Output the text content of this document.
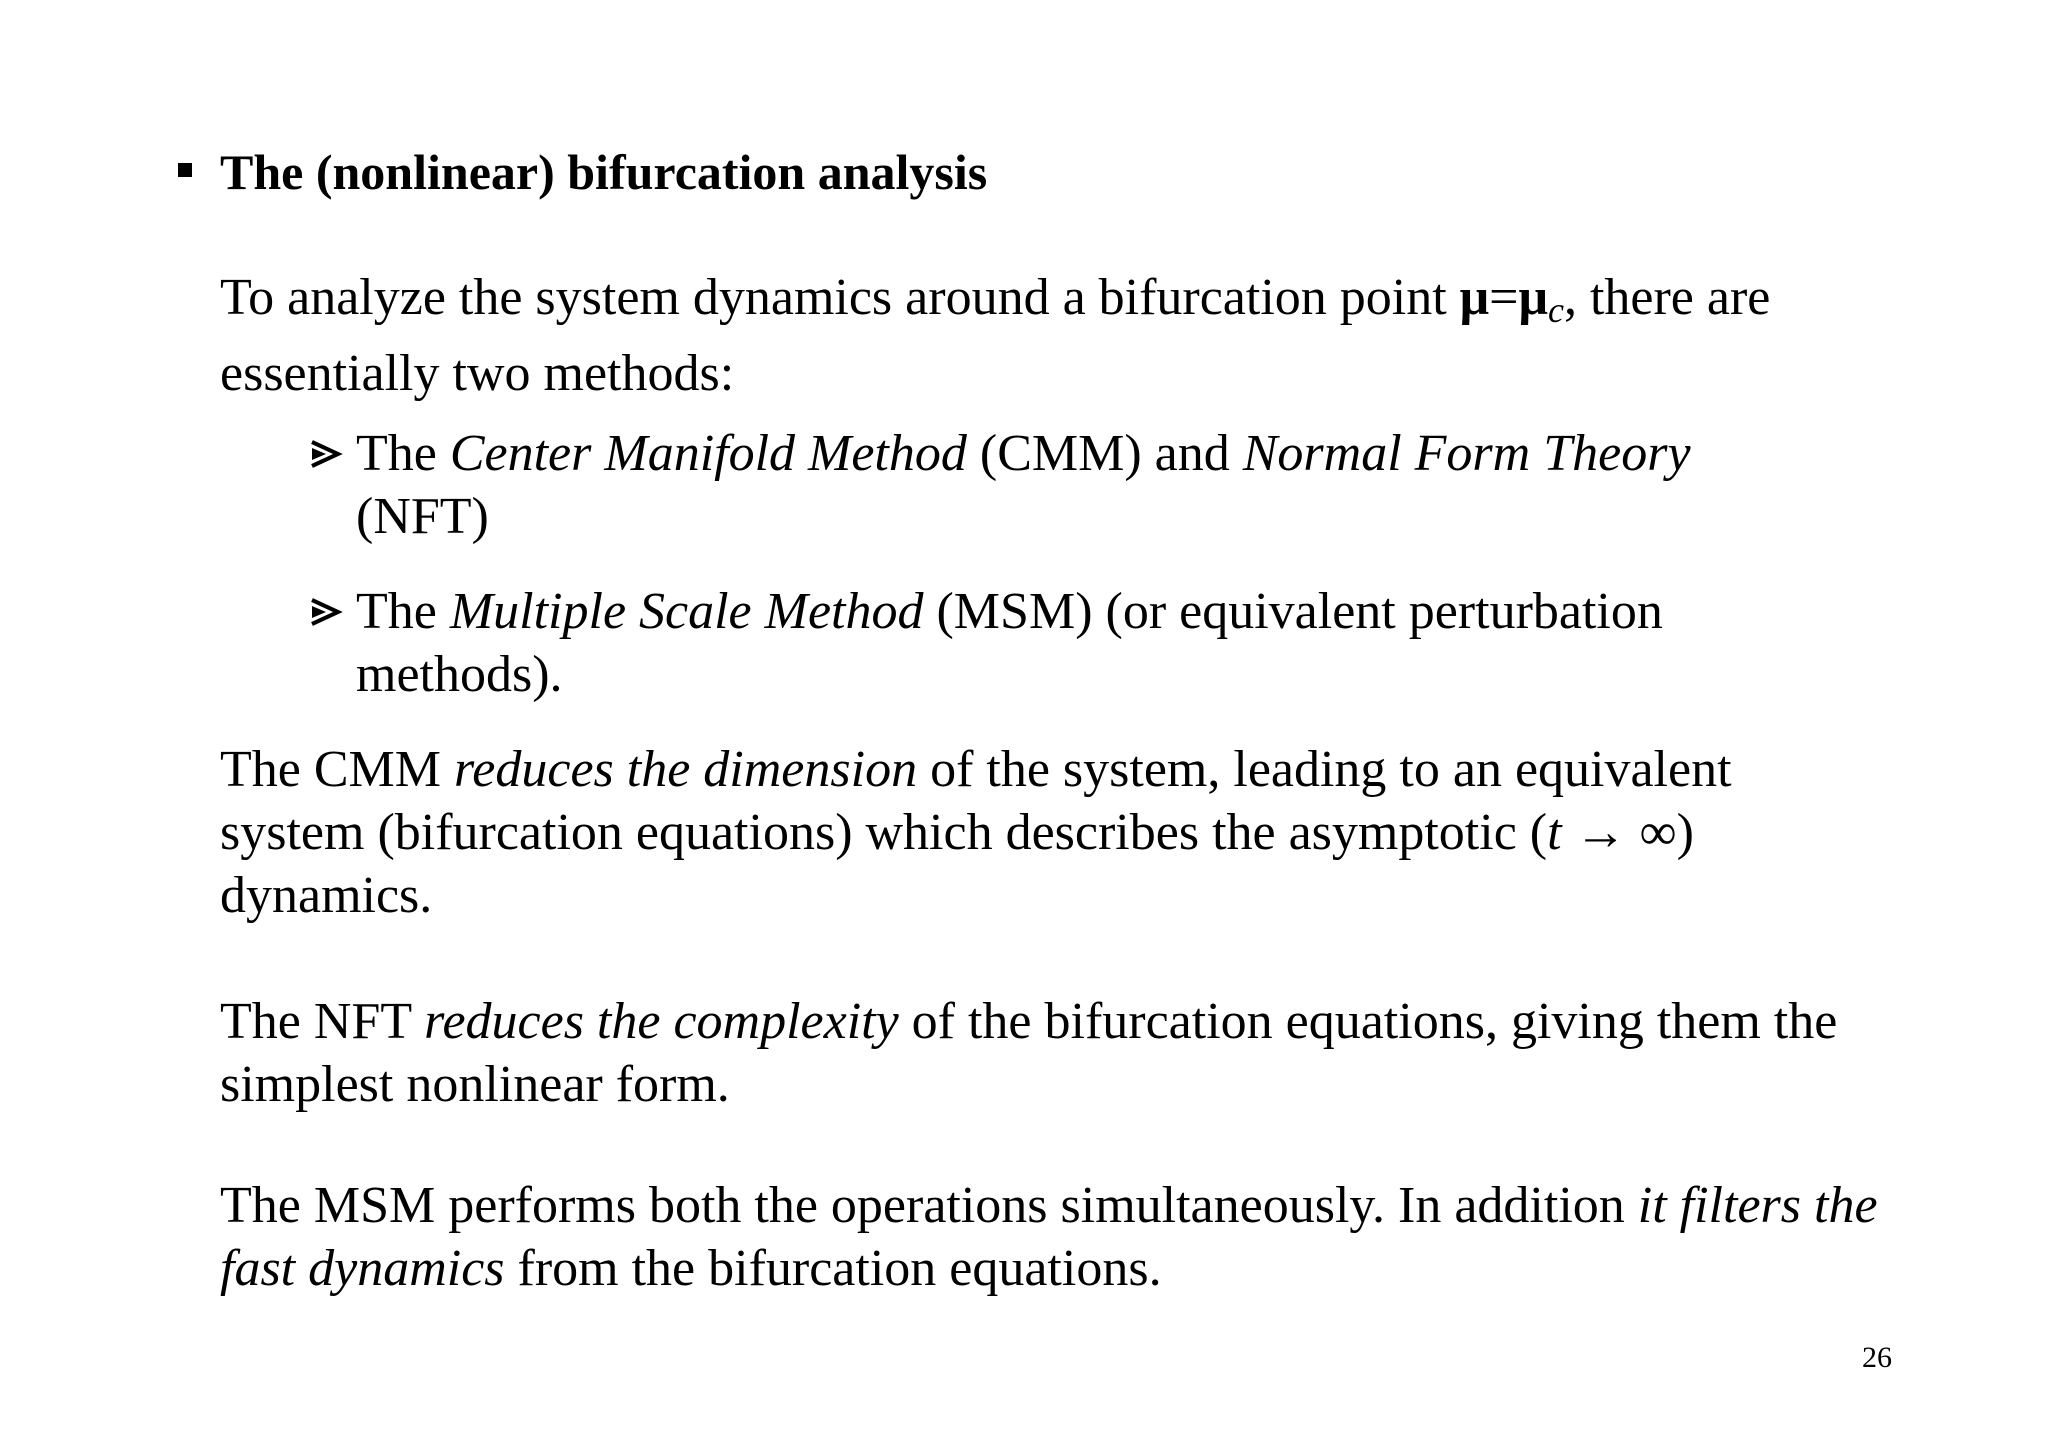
The (nonlinear) bifurcation analysis

To analyze the system dynamics around a bifurcation point $\mu=\mu_c$, there are essentially two methods:

The Center Manifold Method (CMM) and Normal Form Theory (NFT)
The Multiple Scale Method (MSM) (or equivalent perturbation methods).

The CMM reduces the dimension of the system, leading to an equivalent system (bifurcation equations) which describes the asymptotic (t → ∞) dynamics.

The NFT reduces the complexity of the bifurcation equations, giving them the simplest nonlinear form.

The MSM performs both the operations simultaneously. In addition it filters the fast dynamics from the bifurcation equations.

26
